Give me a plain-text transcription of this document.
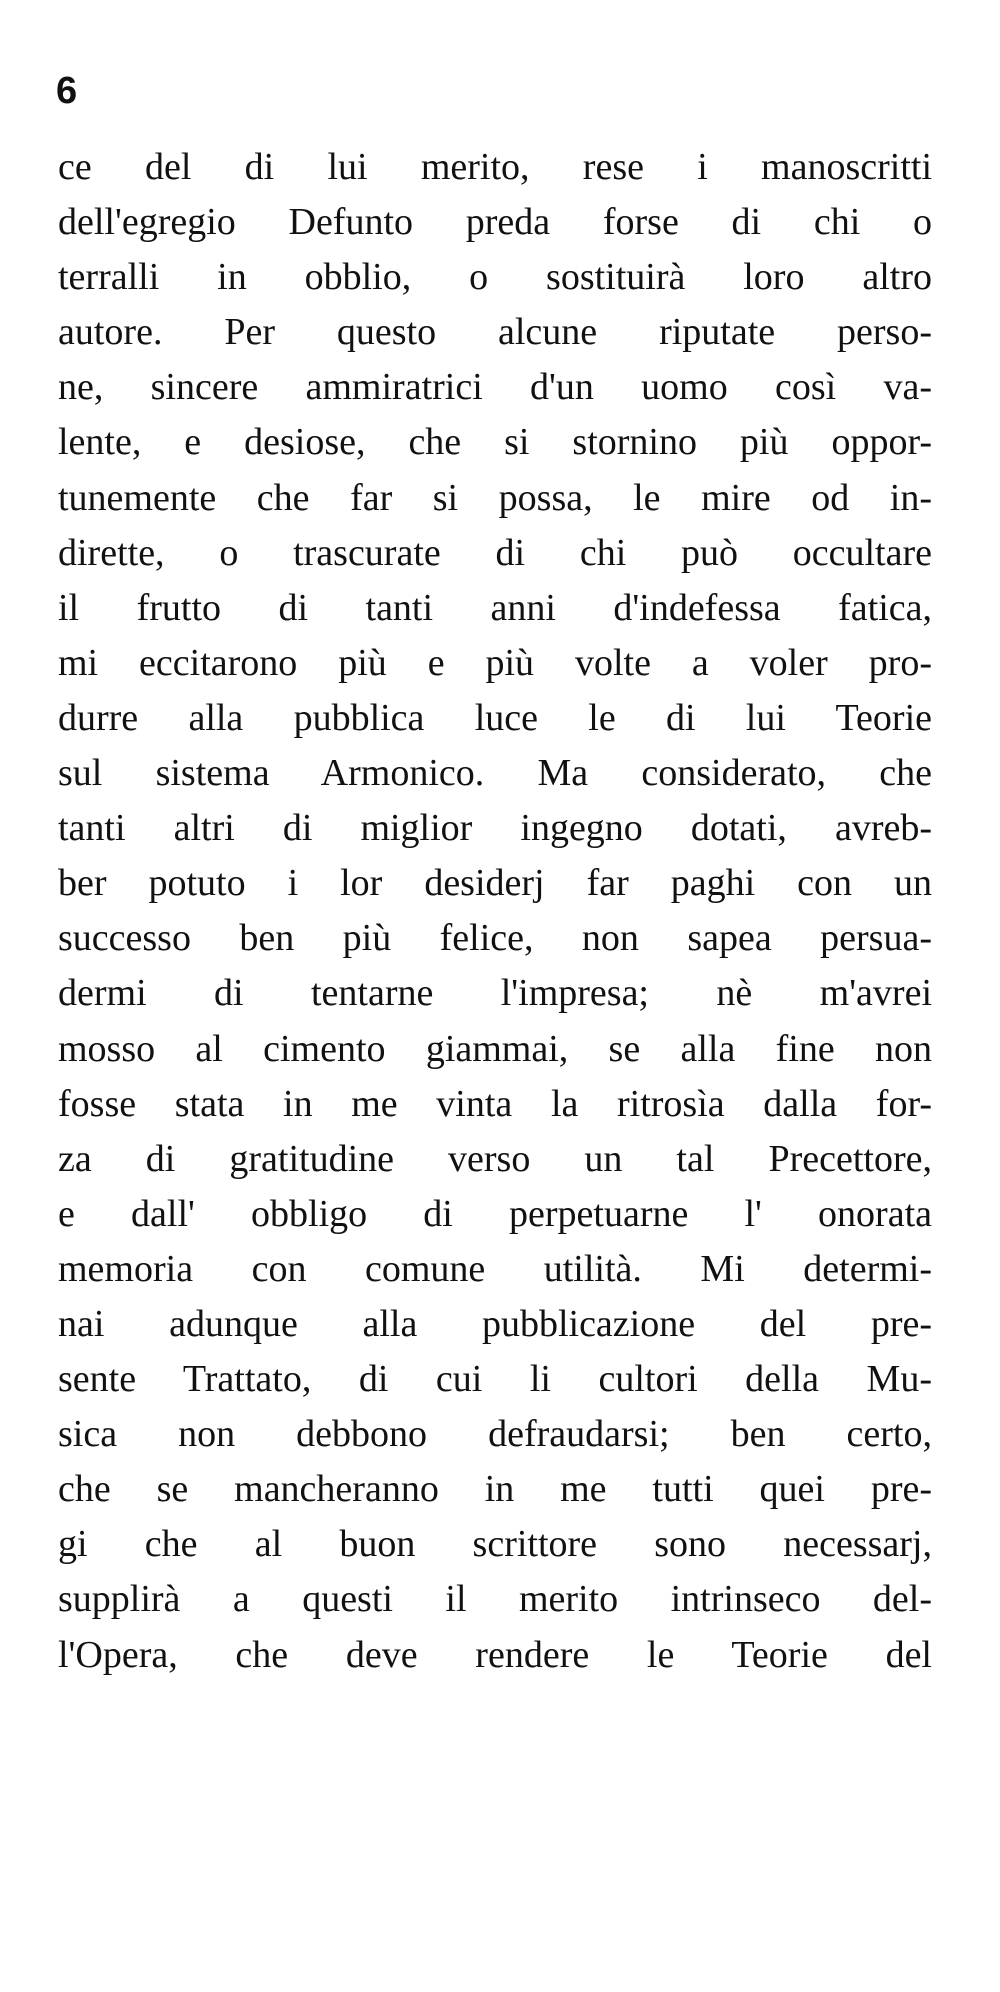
6
ce del di lui merito, rese i manoscritti
dell'egregio Defunto preda forse di chi o
terralli in obblio, o sostituirà loro altro
autore. Per questo alcune riputate perso-
ne, sincere ammiratrici d'un uomo così va-
lente, e desiose, che si stornino più oppor-
tunemente che far si possa, le mire od in-
dirette, o trascurate di chi può occultare
il frutto di tanti anni d'indefessa fatica,
mi eccitarono più e più volte a voler pro-
durre alla pubblica luce le di lui Teorie
sul sistema Armonico. Ma considerato, che
tanti altri di miglior ingegno dotati, avreb-
ber potuto i lor desiderj far paghi con un
successo ben più felice, non sapea persua-
dermi di tentarne l'impresa; nè m'avrei
mosso al cimento giammai, se alla fine non
fosse stata in me vinta la ritrosìa dalla for-
za di gratitudine verso un tal Precettore,
e dall' obbligo di perpetuarne l' onorata
memoria con comune utilità. Mi determi-
nai adunque alla pubblicazione del pre-
sente Trattato, di cui li cultori della Mu-
sica non debbono defraudarsi; ben certo,
che se mancheranno in me tutti quei pre-
gi che al buon scrittore sono necessarj,
supplirà a questi il merito intrinseco del-
l'Opera, che deve rendere le Teorie del
